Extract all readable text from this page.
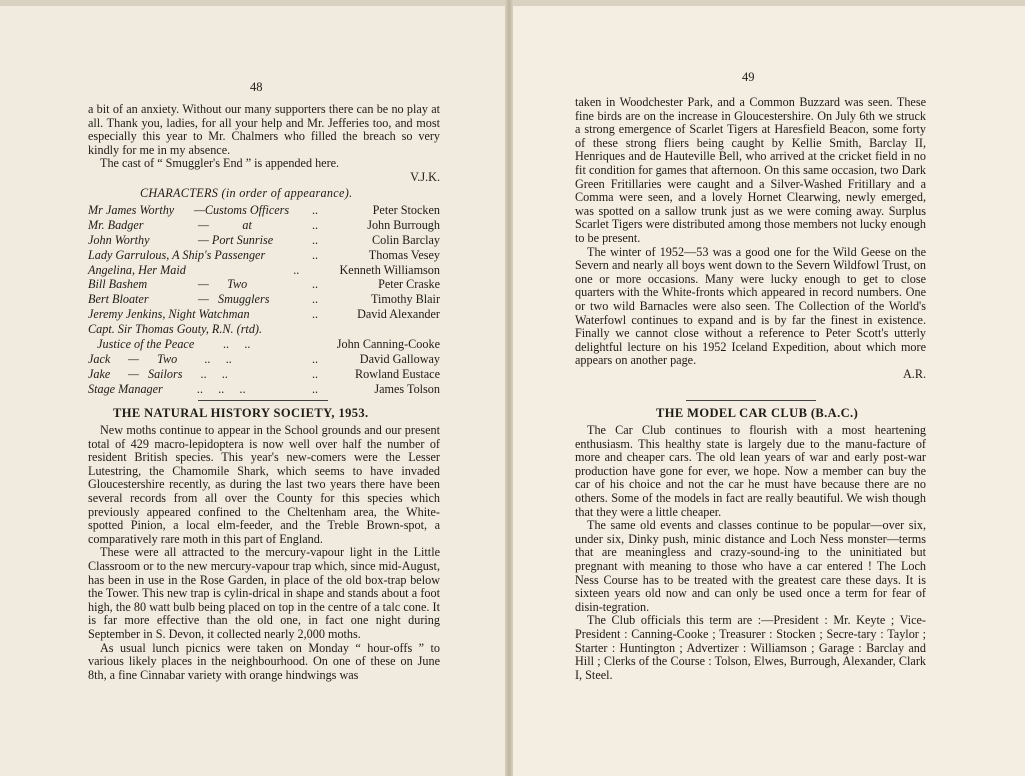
48

a bit of an anxiety. Without our many supporters there can be no play at all. Thank you, ladies, for all your help and Mr. Jefferies too, and most especially this year to Mr. Chalmers who filled the breach so very kindly for me in my absence.

The cast of “ Smuggler's End ” is appended here.

V.J.K.

CHARACTERS (in order of appearance).
Mr James Worthy —Customs Officers ..	Peter Stocken
Mr. Badger	—           at	..	John Burrough
John Worthy	— Port Sunrise	..	Colin Barclay
Lady Garrulous, A Ship's Passenger	..	Thomas Vesey
Angelina, Her Maid	..	Kenneth Williamson
Bill Bashem	—      Two	..	Peter Craske
Bert Bloater	—   Smugglers	..	Timothy Blair
Jeremy Jenkins, Night Watchman	..	David Alexander
Capt. Sir Thomas Gouty, R.N. (rtd).
Justice of the Peace ..     ..	John Canning-Cooke
Jack —      Two         ..     ..	..	David Galloway
Jake —   Sailors      ..     ..	..	Rowland Eustace
Stage Manager ..     ..     ..	..	James Tolson
THE NATURAL HISTORY SOCIETY, 1953.

New moths continue to appear in the School grounds and our present total of 429 macro-lepidoptera is now well over half the number of resident British species. This year's new-comers were the Lesser Lutestring, the Chamomile Shark, which seems to have invaded Gloucestershire recently, as during the last two years there have been several records from all over the County for this species which previously appeared confined to the Cheltenham area, the White-spotted Pinion, a local elm-feeder, and the Treble Brown-spot, a comparatively rare moth in this part of England.

These were all attracted to the mercury-vapour light in the Little Classroom or to the new mercury-vapour trap which, since mid-August, has been in use in the Rose Garden, in place of the old box-trap below the Tower. This new trap is cylin-drical in shape and stands about a foot high, the 80 watt bulb being placed on top in the centre of a talc cone. It is far more effective than the old one, in fact one night during September in S. Devon, it collected nearly 2,000 moths.

As usual lunch picnics were taken on Monday “ hour-offs ” to various likely places in the neighbourhood. On one of these on June 8th, a fine Cinnabar variety with orange hindwings was

49

taken in Woodchester Park, and a Common Buzzard was seen. These fine birds are on the increase in Gloucestershire. On July 6th we struck a strong emergence of Scarlet Tigers at Haresfield Beacon, some forty of these strong fliers being caught by Kellie Smith, Barclay II, Henriques and de Hauteville Bell, who arrived at the cricket field in no fit condition for games that afternoon. On this same occasion, two Dark Green Fritillaries were caught and a Silver-Washed Fritillary and a Comma were seen, and a lovely Hornet Clearwing, newly emerged, was spotted on a sallow trunk just as we were coming away. Surplus Scarlet Tigers were distributed among those members not lucky enough to be present.

The winter of 1952—53 was a good one for the Wild Geese on the Severn and nearly all boys went down to the Severn Wildfowl Trust, on one or more occasions. Many were lucky enough to get to close quarters with the White-fronts which appeared in record numbers. One or two wild Barnacles were also seen. The Collection of the World's Waterfowl continues to expand and is by far the finest in existence. Finally we cannot close without a reference to Peter Scott's utterly delightful lecture on his 1952 Iceland Expedition, about which more appears on another page.

A.R.

THE MODEL CAR CLUB (B.A.C.)

The Car Club continues to flourish with a most heartening enthusiasm. This healthy state is largely due to the manu-facture of more and cheaper cars. The old lean years of war and early post-war production have gone for ever, we hope. Now a member can buy the car of his choice and not the car he must have because there are no others. Some of the models in fact are really beautiful. We wish though that they were a little cheaper.

The same old events and classes continue to be popular—over six, under six, Dinky push, minic distance and Loch Ness monster—terms that are meaningless and crazy-sound-ing to the uninitiated but pregnant with meaning to those who have a car entered ! The Loch Ness Course has to be treated with the greatest care these days. It is sixteen years old now and can only be used once a term for fear of disin-tegration.

The Club officials this term are :—President : Mr. Keyte ; Vice-President : Canning-Cooke ; Treasurer : Stocken ; Secre-tary : Taylor ; Starter : Huntington ; Advertizer : Williamson ; Garage : Barclay and Hill ; Clerks of the Course : Tolson, Elwes, Burrough, Alexander, Clark I, Steel.
